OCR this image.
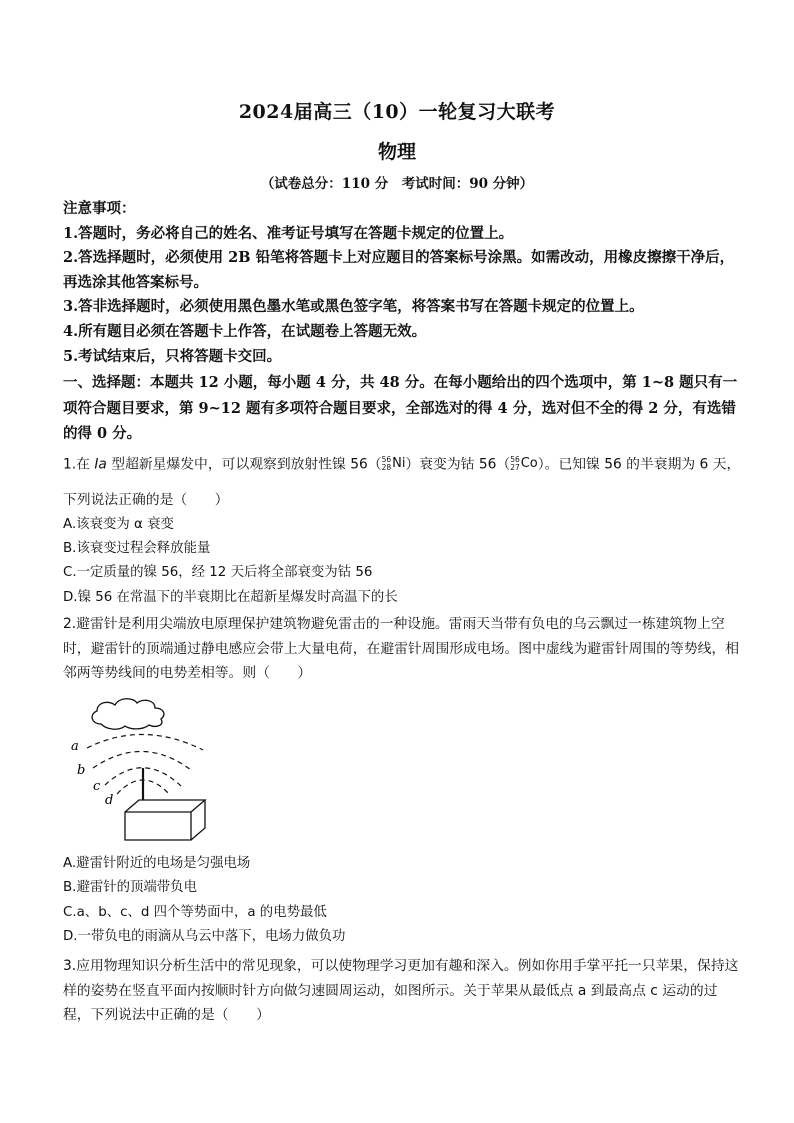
2024届高三（10）一轮复习大联考
物理
（试卷总分：110 分　考试时间：90 分钟）
注意事项：
1.答题时，务必将自己的姓名、准考证号填写在答题卡规定的位置上。
2.答选择题时，必须使用 2B 铅笔将答题卡上对应题目的答案标号涂黑。如需改动，用橡皮擦擦干净后，再选涂其他答案标号。
3.答非选择题时，必须使用黑色墨水笔或黑色签字笔，将答案书写在答题卡规定的位置上。
4.所有题目必须在答题卡上作答，在试题卷上答题无效。
5.考试结束后，只将答题卡交回。
一、选择题：本题共 12 小题，每小题 4 分，共 48 分。在每小题给出的四个选项中，第 1~8 题只有一项符合题目要求，第 9~12 题有多项符合题目要求，全部选对的得 4 分，选对但不全的得 2 分，有选错的得 0 分。
1.在 Ia 型超新星爆发中，可以观察到放射性镍 56（ 56
28 Ni）衰变为钴 56（ 56
27 Co）。已知镍 56 的半衰期为 6 天，
下列说法正确的是（　　）
A.该衰变为 α 衰变
B.该衰变过程会释放能量
C.一定质量的镍 56，经 12 天后将全部衰变为钴 56
D.镍 56 在常温下的半衰期比在超新星爆发时高温下的长
2.避雷针是利用尖端放电原理保护建筑物避免雷击的一种设施。雷雨天当带有负电的乌云飘过一栋建筑物上空时，避雷针的顶端通过静电感应会带上大量电荷，在避雷针周围形成电场。图中虚线为避雷针周围的等势线，相邻两等势线间的电势差相等。则（　　）
a
b
c
d
A.避雷针附近的电场是匀强电场
B.避雷针的顶端带负电
C.a、b、c、d 四个等势面中，a 的电势最低
D.一带负电的雨滴从乌云中落下，电场力做负功
3.应用物理知识分析生活中的常见现象，可以使物理学习更加有趣和深入。例如你用手掌平托一只苹果，保持这样的姿势在竖直平面内按顺时针方向做匀速圆周运动，如图所示。关于苹果从最低点 a 到最高点 c 运动的过程，下列说法中正确的是（　　）
